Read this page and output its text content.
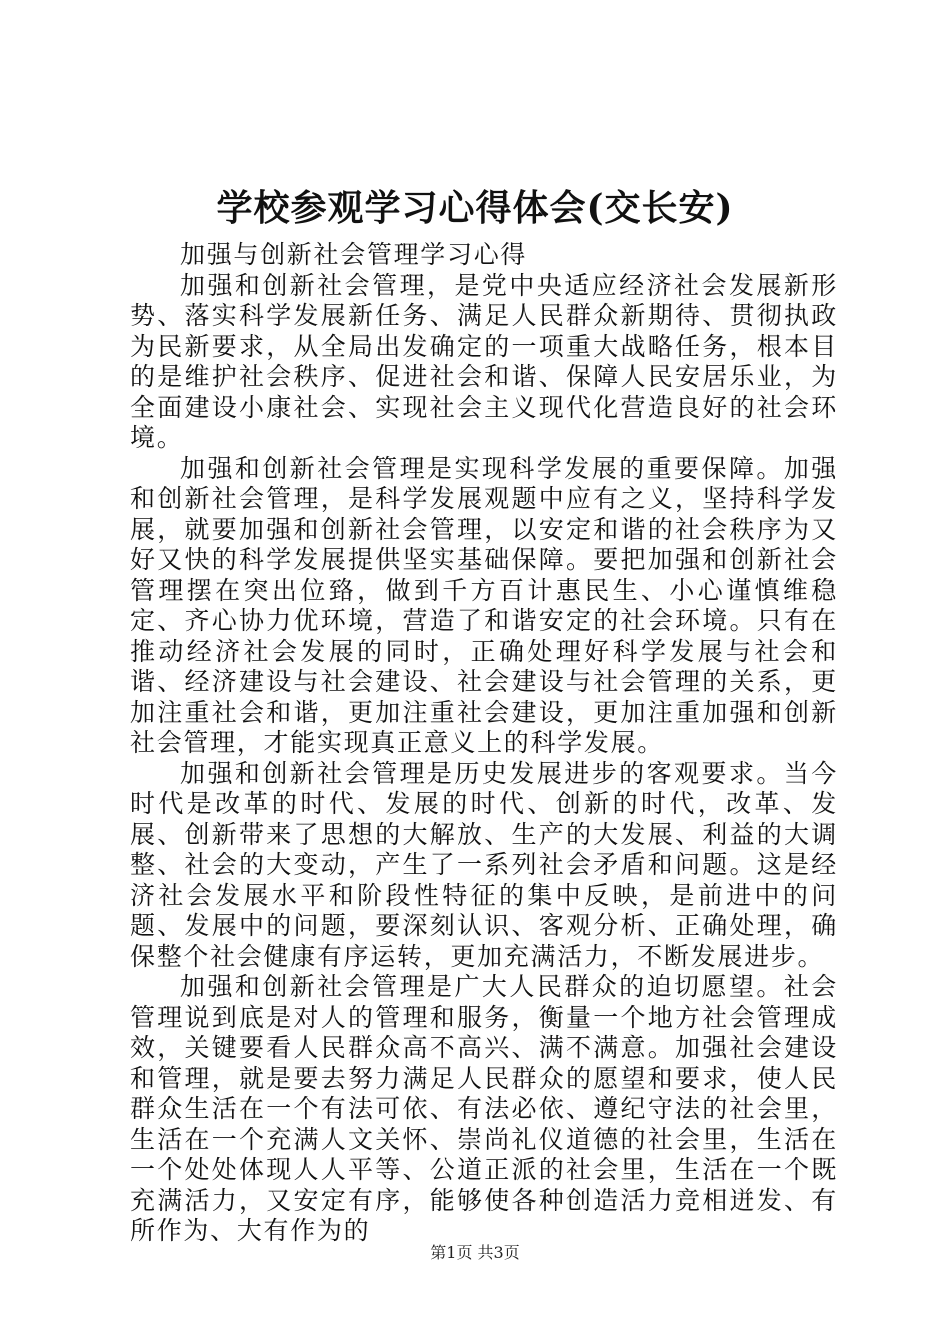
学校参观学习心得体会(交长安)

加强与创新社会管理学习心得

加强和创新社会管理，是党中央适应经济社会发展新形势、落实科学发展新任务、满足人民群众新期待、贯彻执政为民新要求，从全局出发确定的一项重大战略任务，根本目的是维护社会秩序、促进社会和谐、保障人民安居乐业，为全面建设小康社会、实现社会主义现代化营造良好的社会环境。

加强和创新社会管理是实现科学发展的重要保障。加强和创新社会管理，是科学发展观题中应有之义，坚持科学发展，就要加强和创新社会管理，以安定和谐的社会秩序为又好又快的科学发展提供坚实基础保障。要把加强和创新社会管理摆在突出位臵，做到千方百计惠民生、小心谨慎维稳定、齐心协力优环境，营造了和谐安定的社会环境。只有在推动经济社会发展的同时，正确处理好科学发展与社会和谐、经济建设与社会建设、社会建设与社会管理的关系，更加注重社会和谐，更加注重社会建设，更加注重加强和创新社会管理，才能实现真正意义上的科学发展。

加强和创新社会管理是历史发展进步的客观要求。当今时代是改革的时代、发展的时代、创新的时代，改革、发展、创新带来了思想的大解放、生产的大发展、利益的大调整、社会的大变动，产生了一系列社会矛盾和问题。这是经济社会发展水平和阶段性特征的集中反映，是前进中的问题、发展中的问题，要深刻认识、客观分析、正确处理，确保整个社会健康有序运转，更加充满活力，不断发展进步。

加强和创新社会管理是广大人民群众的迫切愿望。社会管理说到底是对人的管理和服务，衡量一个地方社会管理成效，关键要看人民群众高不高兴、满不满意。加强社会建设和管理，就是要去努力满足人民群众的愿望和要求，使人民群众生活在一个有法可依、有法必依、遵纪守法的社会里，生活在一个充满人文关怀、崇尚礼仪道德的社会里，生活在一个处处体现人人平等、公道正派的社会里，生活在一个既充满活力，又安定有序，能够使各种创造活力竞相迸发、有所作为、大有作为的

第1页 共3页
